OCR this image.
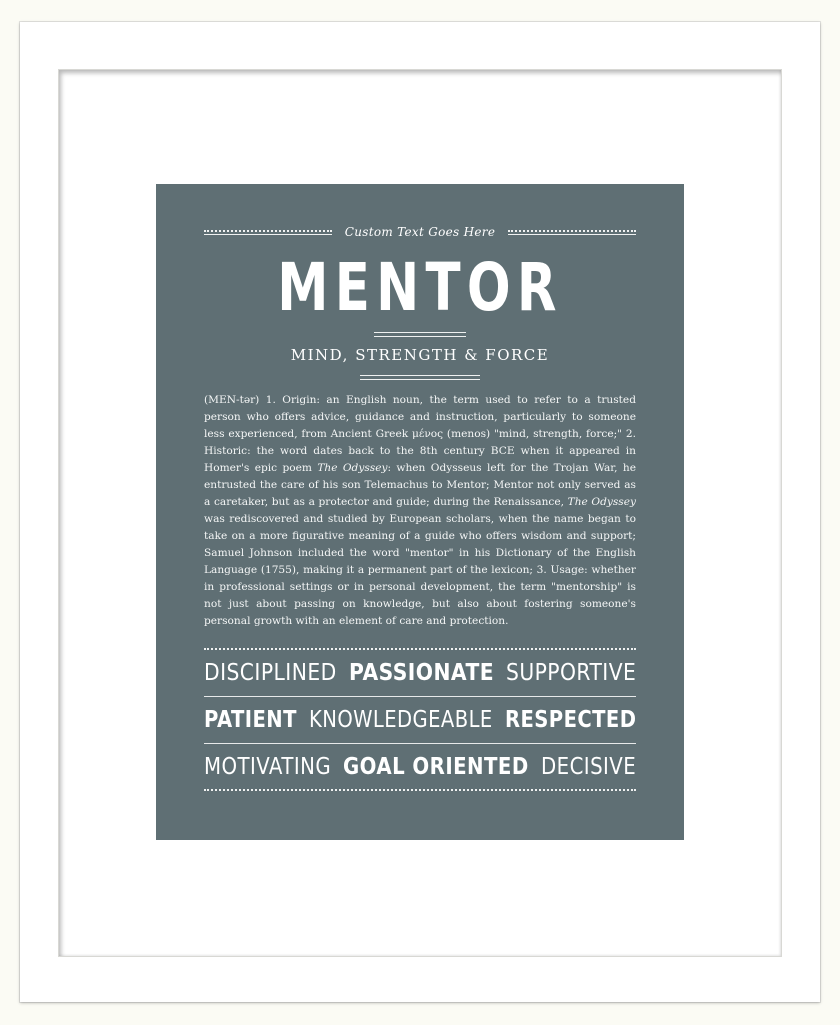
Custom Text Goes Here
MENTOR
MIND, STRENGTH & FORCE
(MEN-tər) 1. Origin: an English noun, the term used to refer to a trusted person who offers advice, guidance and instruction, particularly to someone less experienced, from Ancient Greek μένος (menos) "mind, strength, force;" 2. Historic: the word dates back to the 8th century BCE when it appeared in Homer's epic poem The Odyssey: when Odysseus left for the Trojan War, he entrusted the care of his son Telemachus to Mentor; Mentor not only served as a caretaker, but as a protector and guide; during the Renaissance, The Odyssey was rediscovered and studied by European scholars, when the name began to take on a more figurative meaning of a guide who offers wisdom and support; Samuel Johnson included the word "mentor" in his Dictionary of the English Language (1755), making it a permanent part of the lexicon; 3. Usage: whether in professional settings or in personal development, the term "mentorship" is not just about passing on knowledge, but also about fostering someone's personal growth with an element of care and protection.
DISCIPLINED PASSIONATE SUPPORTIVE
PATIENT KNOWLEDGEABLE RESPECTED
MOTIVATING GOAL ORIENTED DECISIVE
